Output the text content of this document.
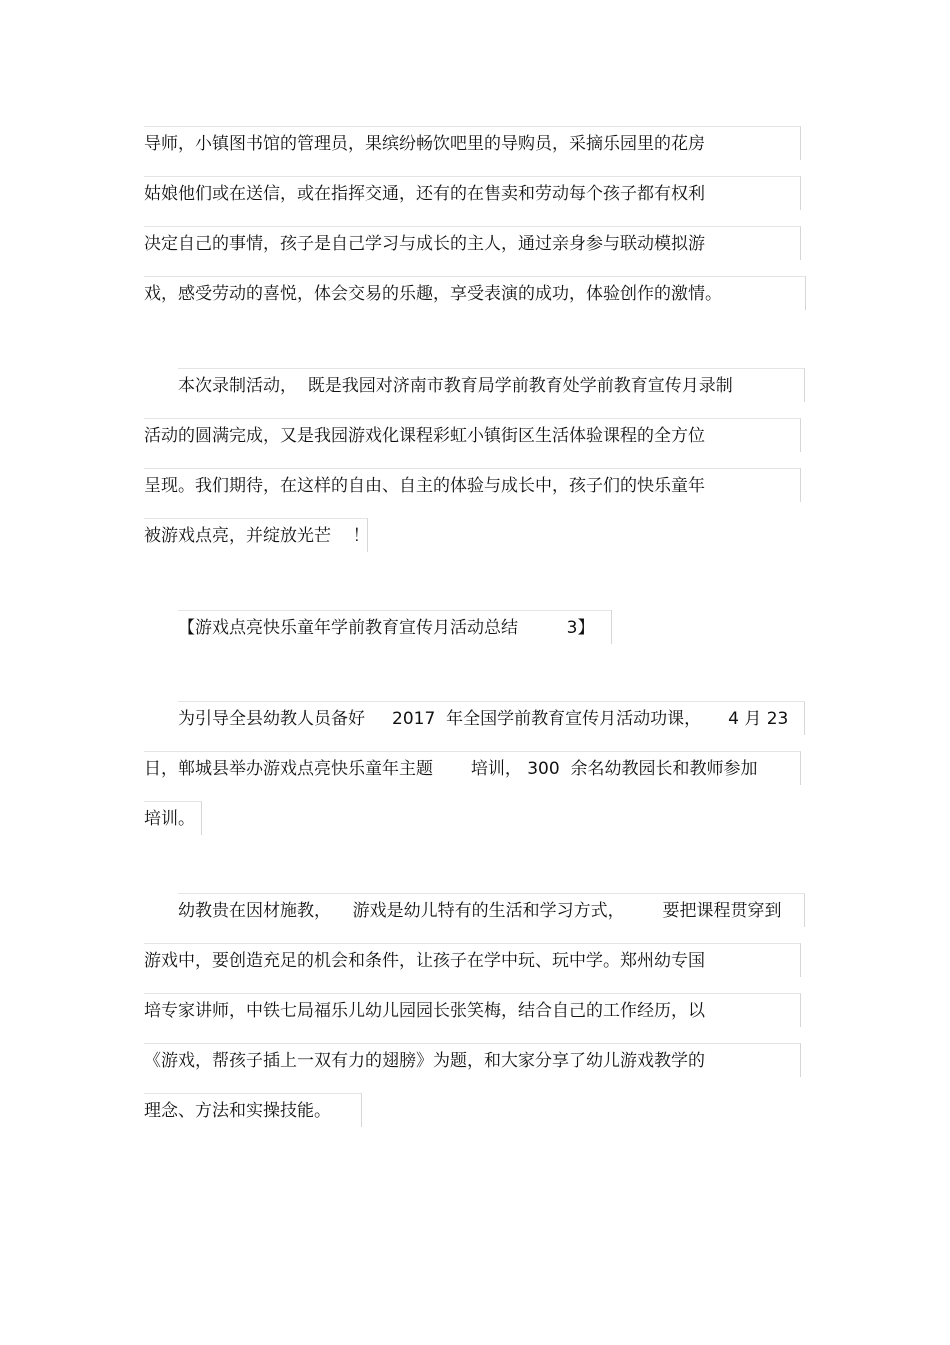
导师，小镇图书馆的管理员，果缤纷畅饮吧里的导购员，采摘乐园里的花房
姑娘他们或在送信，或在指挥交通，还有的在售卖和劳动每个孩子都有权利
决定自己的事情，孩子是自己学习与成长的主人，通过亲身参与联动模拟游
戏，感受劳动的喜悦，体会交易的乐趣，享受表演的成功，体验创作的激情。
本次录制活动，  既是我园对济南市教育局学前教育处学前教育宣传月录制
活动的圆满完成，又是我园游戏化课程彩虹小镇街区生活体验课程的全方位
呈现。我们期待，在这样的自由、自主的体验与成长中，孩子们的快乐童年
被游戏点亮，并绽放光芒    ！
【游戏点亮快乐童年学前教育宣传月活动总结         3】
为引导全县幼教人员备好     2017  年全国学前教育宣传月活动功课，     4 月 23
日，郸城县举办游戏点亮快乐童年主题       培训， 300  余名幼教园长和教师参加
培训。
幼教贵在因材施教，    游戏是幼儿特有的生活和学习方式，       要把课程贯穿到
游戏中，要创造充足的机会和条件，让孩子在学中玩、玩中学。郑州幼专国
培专家讲师，中铁七局福乐儿幼儿园园长张笑梅，结合自己的工作经历，以
《游戏，帮孩子插上一双有力的翅膀》为题，和大家分享了幼儿游戏教学的
理念、方法和实操技能。
